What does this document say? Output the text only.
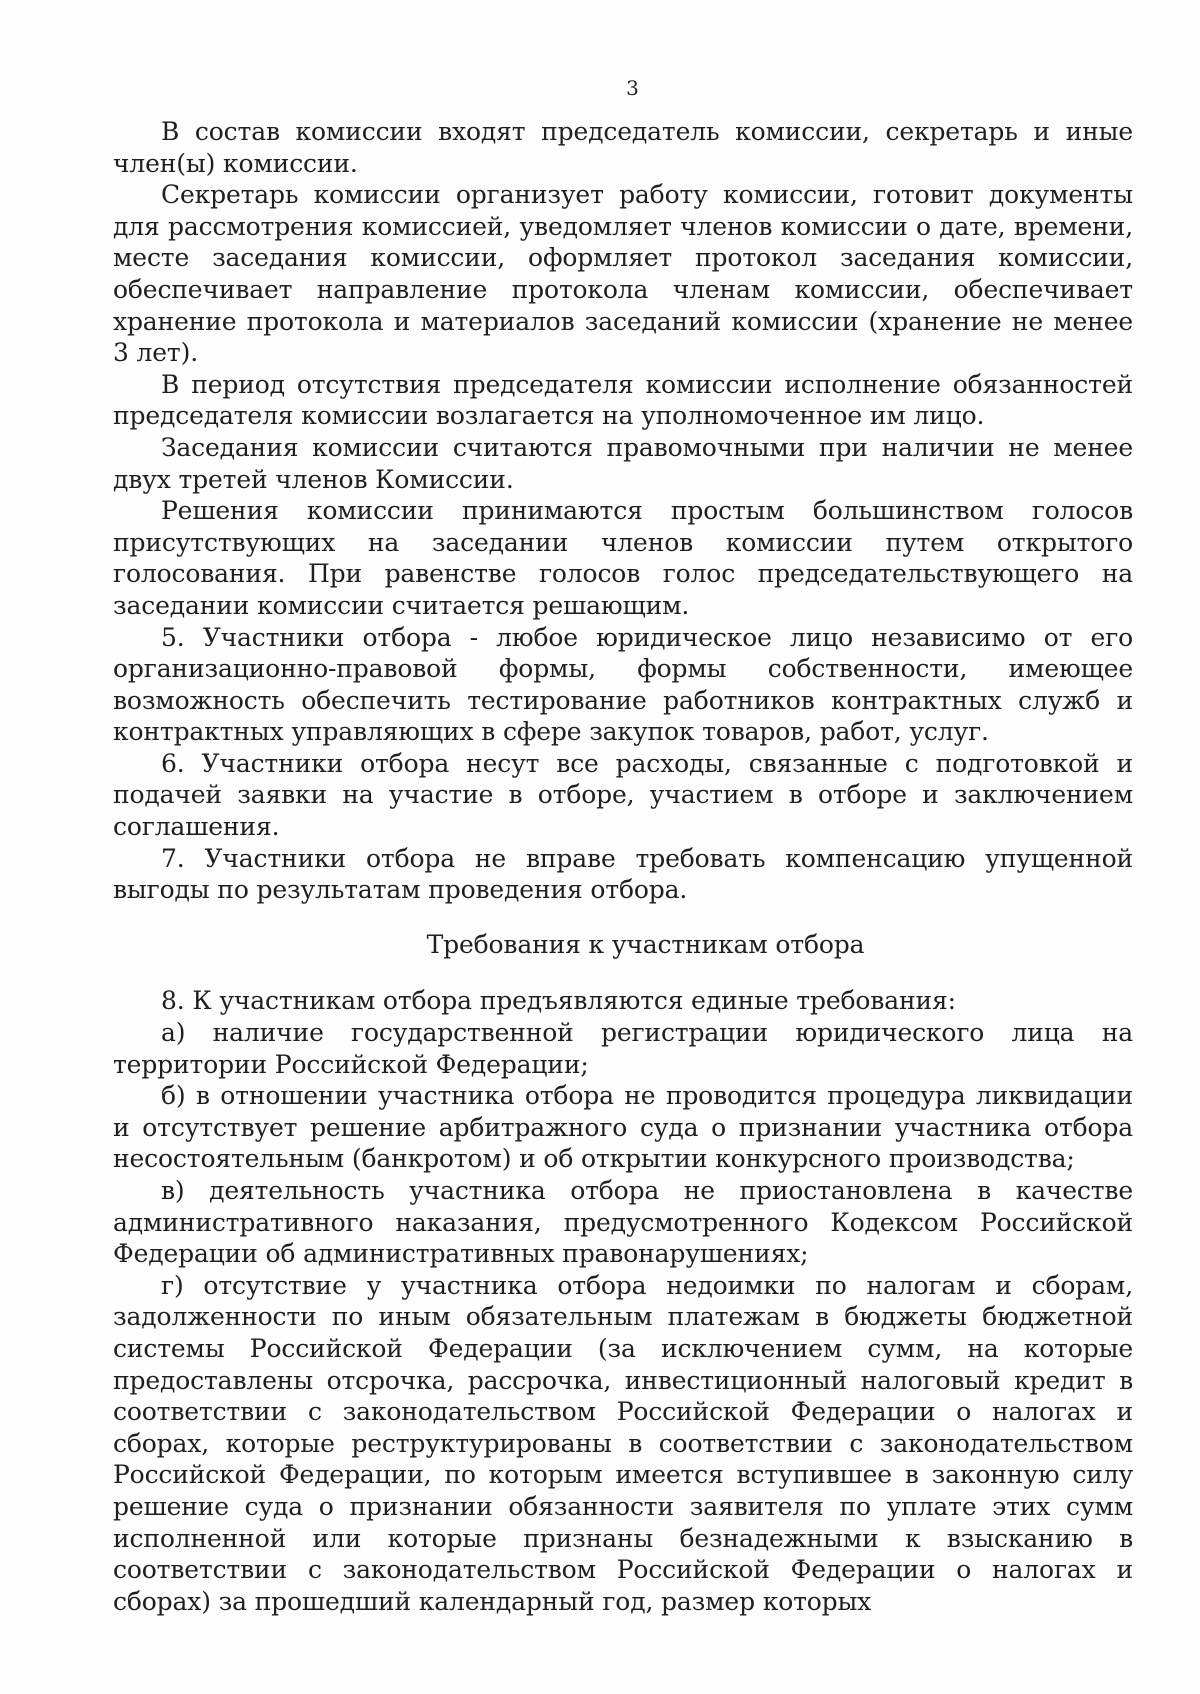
3

В состав комиссии входят председатель комиссии, секретарь и иные член(ы) комиссии.

Секретарь комиссии организует работу комиссии, готовит документы для рассмотрения комиссией, уведомляет членов комиссии о дате, времени, месте заседания комиссии, оформляет протокол заседания комиссии, обеспечивает направление протокола членам комиссии, обеспечивает хранение протокола и материалов заседаний комиссии (хранение не менее 3 лет).

В период отсутствия председателя комиссии исполнение обязанностей председателя комиссии возлагается на уполномоченное им лицо.

Заседания комиссии считаются правомочными при наличии не менее двух третей членов Комиссии.

Решения комиссии принимаются простым большинством голосов присутствующих на заседании членов комиссии путем открытого голосования. При равенстве голосов голос председательствующего на заседании комиссии считается решающим.

5. Участники отбора - любое юридическое лицо независимо от его организационно-правовой формы, формы собственности, имеющее возможность обеспечить тестирование работников контрактных служб и контрактных управляющих в сфере закупок товаров, работ, услуг.

6. Участники отбора несут все расходы, связанные с подготовкой и подачей заявки на участие в отборе, участием в отборе и заключением соглашения.

7. Участники отбора не вправе требовать компенсацию упущенной выгоды по результатам проведения отбора.

Требования к участникам отбора

8. К участникам отбора предъявляются единые требования:

а) наличие государственной регистрации юридического лица на территории Российской Федерации;

б) в отношении участника отбора не проводится процедура ликвидации и отсутствует решение арбитражного суда о признании участника отбора несостоятельным (банкротом) и об открытии конкурсного производства;

в) деятельность участника отбора не приостановлена в качестве административного наказания, предусмотренного Кодексом Российской Федерации об административных правонарушениях;

г) отсутствие у участника отбора недоимки по налогам и сборам, задолженности по иным обязательным платежам в бюджеты бюджетной системы Российской Федерации (за исключением сумм, на которые предоставлены отсрочка, рассрочка, инвестиционный налоговый кредит в соответствии с законодательством Российской Федерации о налогах и сборах, которые реструктурированы в соответствии с законодательством Российской Федерации, по которым имеется вступившее в законную силу решение суда о признании обязанности заявителя по уплате этих сумм исполненной или которые признаны безнадежными к взысканию в соответствии с законодательством Российской Федерации о налогах и сборах) за прошедший календарный год, размер которых
